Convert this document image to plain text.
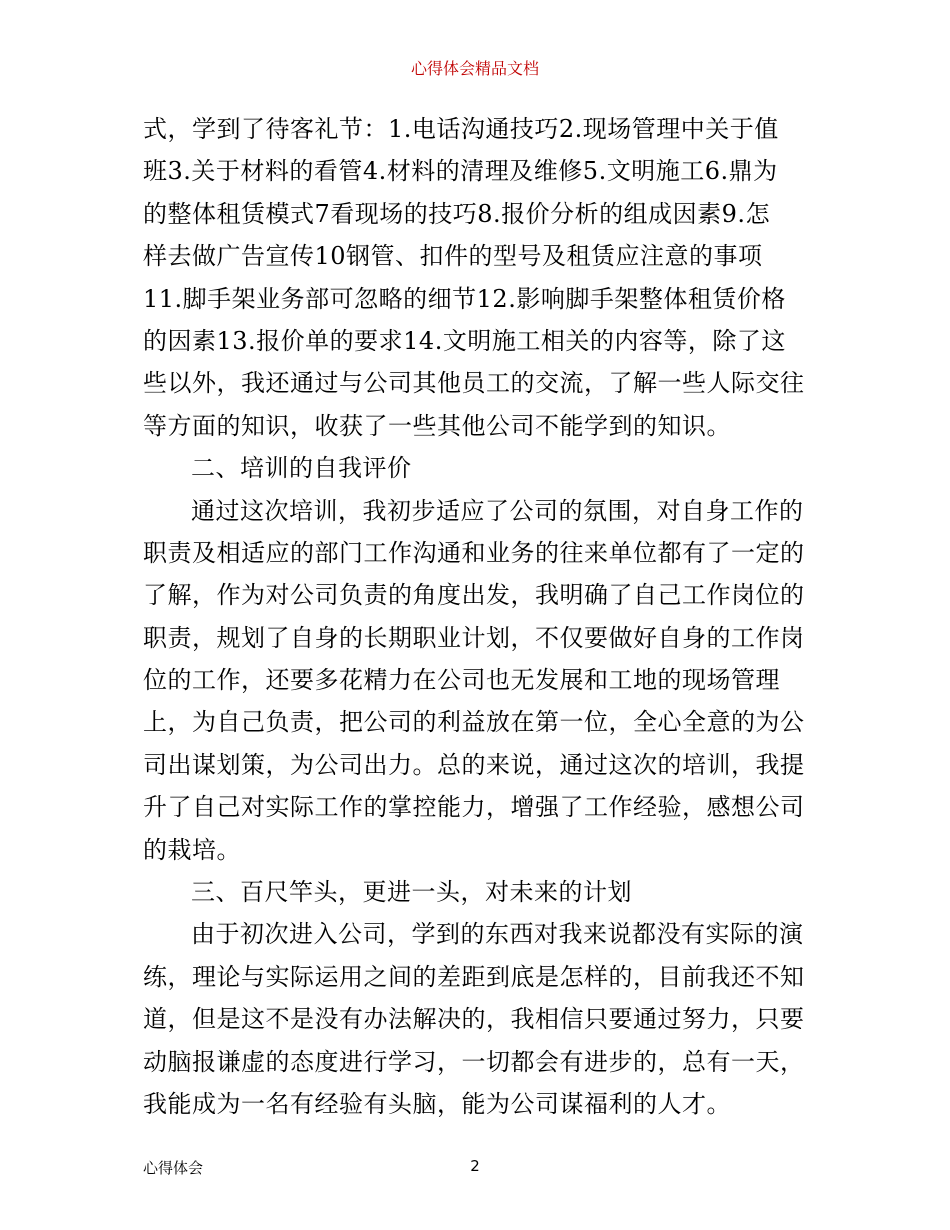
心得体会精品文档
式，学到了待客礼节：1.电话沟通技巧2.现场管理中关于值
班3.关于材料的看管4.材料的清理及维修5.文明施工6.鼎为
的整体租赁模式7看现场的技巧8.报价分析的组成因素9.怎
样去做广告宣传10钢管、扣件的型号及租赁应注意的事项
11.脚手架业务部可忽略的细节12.影响脚手架整体租赁价格
的因素13.报价单的要求14.文明施工相关的内容等，除了这
些以外，我还通过与公司其他员工的交流，了解一些人际交往
等方面的知识，收获了一些其他公司不能学到的知识。
二、培训的自我评价
通过这次培训，我初步适应了公司的氛围，对自身工作的
职责及相适应的部门工作沟通和业务的往来单位都有了一定的
了解，作为对公司负责的角度出发，我明确了自己工作岗位的
职责，规划了自身的长期职业计划，不仅要做好自身的工作岗
位的工作，还要多花精力在公司也无发展和工地的现场管理
上，为自己负责，把公司的利益放在第一位，全心全意的为公
司出谋划策，为公司出力。总的来说，通过这次的培训，我提
升了自己对实际工作的掌控能力，增强了工作经验，感想公司
的栽培。
三、百尺竿头，更进一头，对未来的计划
由于初次进入公司，学到的东西对我来说都没有实际的演
练，理论与实际运用之间的差距到底是怎样的，目前我还不知
道，但是这不是没有办法解决的，我相信只要通过努力，只要
动脑报谦虚的态度进行学习，一切都会有进步的，总有一天，
我能成为一名有经验有头脑，能为公司谋福利的人才。
心得体会	2
